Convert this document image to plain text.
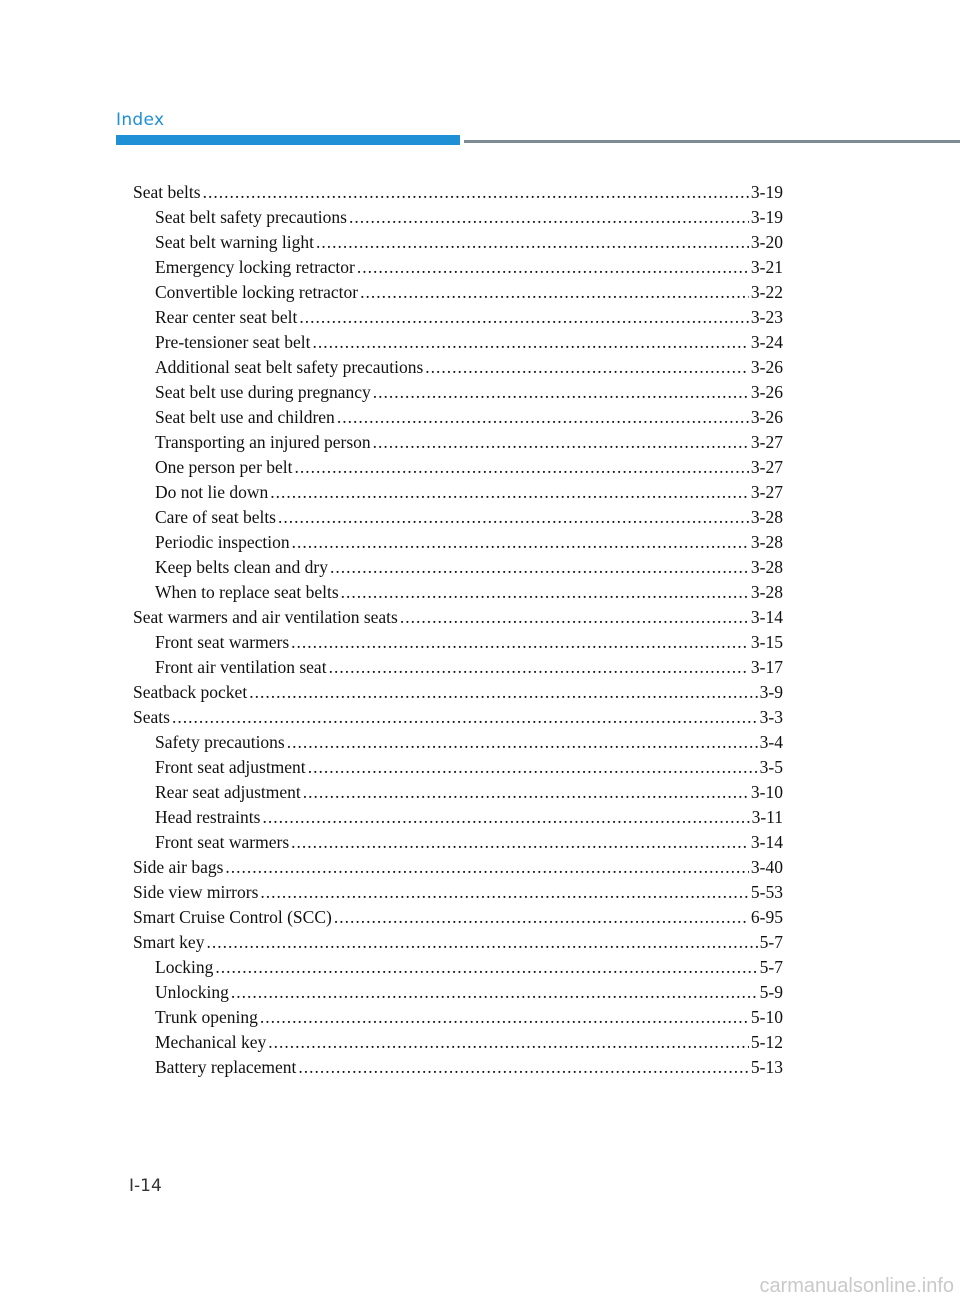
Index
Seat belts .....	3-19
Seat belt safety precautions .....	3-19
Seat belt warning light .....	3-20
Emergency locking retractor .....	3-21
Convertible locking retractor .....	3-22
Rear center seat belt .....	3-23
Pre-tensioner seat belt .....	3-24
Additional seat belt safety precautions .....	3-26
Seat belt use during pregnancy .....	3-26
Seat belt use and children .....	3-26
Transporting an injured person .....	3-27
One person per belt .....	3-27
Do not lie down .....	3-27
Care of seat belts .....	3-28
Periodic inspection .....	3-28
Keep belts clean and dry .....	3-28
When to replace seat belts .....	3-28
Seat warmers and air ventilation seats .....	3-14
Front seat warmers .....	3-15
Front air ventilation seat .....	3-17
Seatback pocket .....	3-9
Seats .....	3-3
Safety precautions .....	3-4
Front seat adjustment .....	3-5
Rear seat adjustment .....	3-10
Head restraints .....	3-11
Front seat warmers .....	3-14
Side air bags .....	3-40
Side view mirrors .....	5-53
Smart Cruise Control (SCC) .....	6-95
Smart key .....	5-7
Locking .....	5-7
Unlocking .....	5-9
Trunk opening .....	5-10
Mechanical key .....	5-12
Battery replacement .....	5-13
I-14
carmanualsonline.info
